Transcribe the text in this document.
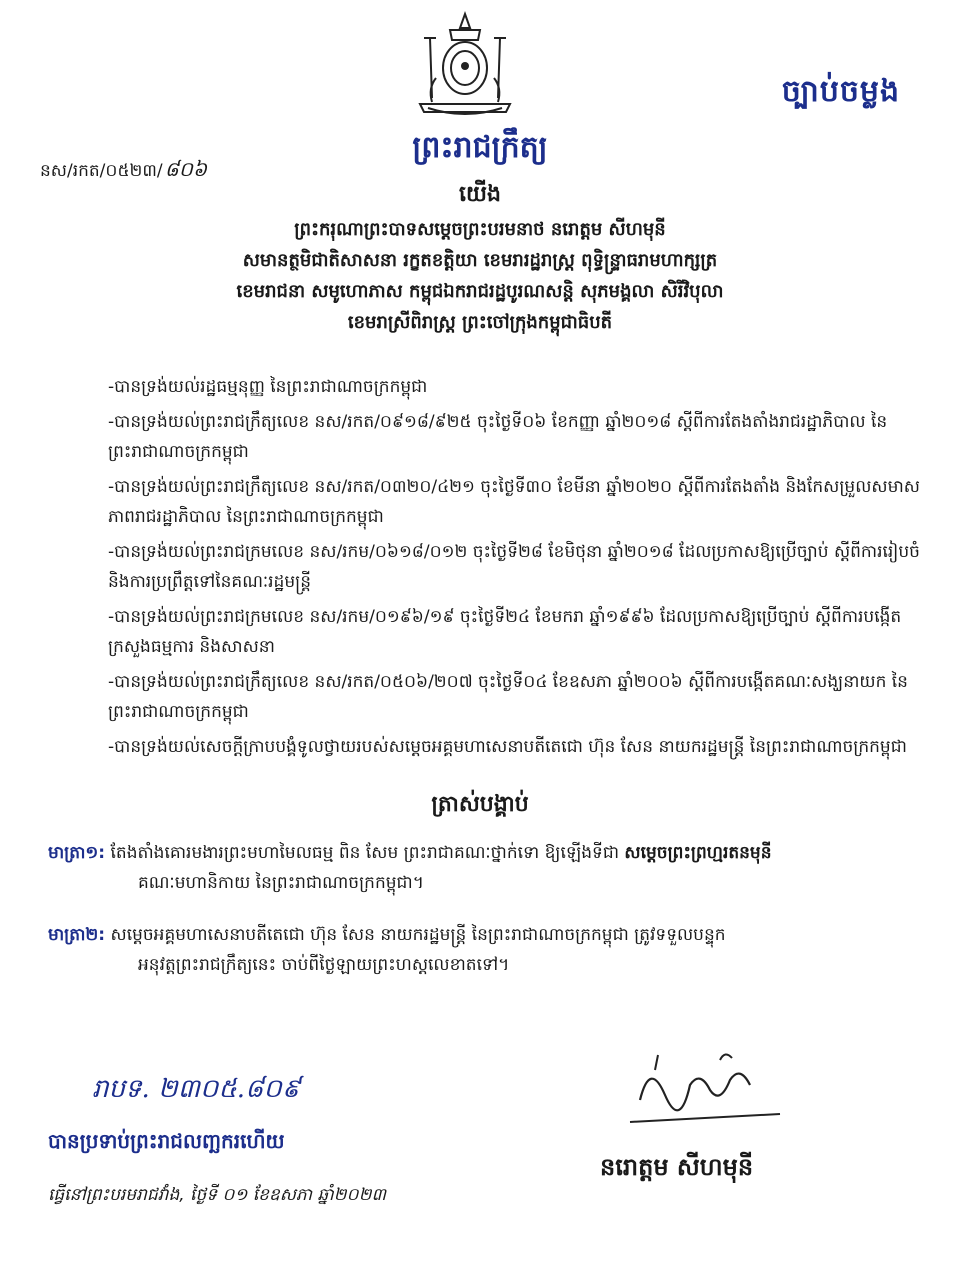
ច្បាប់ចម្លង
ព្រះរាជក្រឹត្យ
នស/រកត/០៥២៣/ ៨០៦
យើង
ព្រះករុណាព្រះបាទសម្តេចព្រះបរមនាថ នរោត្តម សីហមុនី
សមានត្ថមិជាតិសាសនា រក្ខតខត្តិយា ខេមរារដ្ឋរាស្ត្រ ពុទ្ធិន្ទ្រាធរាមហាក្សត្រ
ខេមរាជនា សមូហោភាស កម្ពុជឯករាជរដ្ឋបូរណសន្តិ សុភមង្គលា សិរីវិបុលា
ខេមរាស្រីពិរាស្ត្រ ព្រះចៅក្រុងកម្ពុជាធិបតី
-បានទ្រង់យល់រដ្ឋធម្មនុញ្ញ នៃព្រះរាជាណាចក្រកម្ពុជា
-បានទ្រង់យល់ព្រះរាជក្រឹត្យលេខ នស/រកត/០៩១៨/៩២៥ ចុះថ្ងៃទី០៦ ខែកញ្ញា ឆ្នាំ២០១៨ ស្តីពីការតែងតាំងរាជរដ្ឋាភិបាល នៃព្រះរាជាណាចក្រកម្ពុជា
-បានទ្រង់យល់ព្រះរាជក្រឹត្យលេខ នស/រកត/០៣២០/៤២១ ចុះថ្ងៃទី៣០ ខែមីនា ឆ្នាំ២០២០ ស្តីពីការតែងតាំង និងកែសម្រួលសមាសភាពរាជរដ្ឋាភិបាល នៃព្រះរាជាណាចក្រកម្ពុជា
-បានទ្រង់យល់ព្រះរាជក្រមលេខ នស/រកម/០៦១៨/០១២ ចុះថ្ងៃទី២៨ ខែមិថុនា ឆ្នាំ២០១៨ ដែលប្រកាសឱ្យប្រើច្បាប់ ស្តីពីការរៀបចំ និងការប្រព្រឹត្តទៅនៃគណៈរដ្ឋមន្ត្រី
-បានទ្រង់យល់ព្រះរាជក្រមលេខ នស/រកម/០១៩៦/១៩ ចុះថ្ងៃទី២៤ ខែមករា ឆ្នាំ១៩៩៦ ដែលប្រកាសឱ្យប្រើច្បាប់ ស្តីពីការបង្កើតក្រសួងធម្មការ និងសាសនា
-បានទ្រង់យល់ព្រះរាជក្រឹត្យលេខ នស/រកត/០៥០៦/២០៧ ចុះថ្ងៃទី០៤ ខែឧសភា ឆ្នាំ២០០៦ ស្តីពីការបង្កើតគណៈសង្ឃនាយក នៃព្រះរាជាណាចក្រកម្ពុជា
-បានទ្រង់យល់សេចក្តីក្រាបបង្គំទូលថ្វាយរបស់សម្តេចអគ្គមហាសេនាបតីតេជោ ហ៊ុន សែន នាយករដ្ឋមន្ត្រី នៃព្រះរាជាណាចក្រកម្ពុជា
ត្រាស់បង្គាប់
មាត្រា១: តែងតាំងគោរមងារព្រះមហាមៃលធម្ម ពិន សែម ព្រះរាជាគណៈថ្នាក់ទោ ឱ្យឡើងទីជា សម្តេចព្រះព្រហ្មរតនមុនី
គណៈមហានិកាយ នៃព្រះរាជាណាចក្រកម្ពុជា។
មាត្រា២: សម្តេចអគ្គមហាសេនាបតីតេជោ ហ៊ុន សែន នាយករដ្ឋមន្ត្រី នៃព្រះរាជាណាចក្រកម្ពុជា ត្រូវទទួលបន្ទុក
អនុវត្តព្រះរាជក្រឹត្យនេះ ចាប់ពីថ្ងៃឡាយព្រះហស្តលេខាតទៅ។
រាបទ. ២៣០៥.៨០៩
បានប្រទាប់ព្រះរាជលញ្ឆករហើយ
ធ្វើនៅព្រះបរមរាជវាំង, ថ្ងៃទី ០១ ខែឧសភា ឆ្នាំ២០២៣
នរោត្តម សីហមុនី
